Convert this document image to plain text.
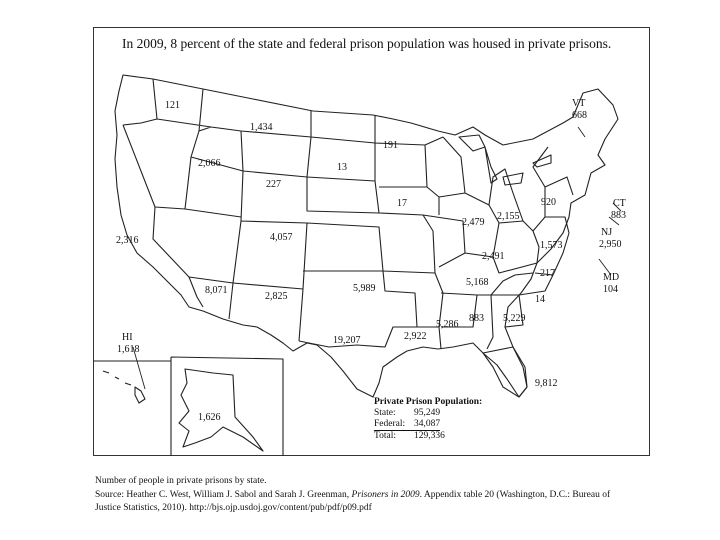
In 2009, 8 percent of the state and federal prison population was housed in private prisons.
121
1,434
191
2,066	13
227
17
2,316	4,057
920
2,479
2,155
1,573
2,491
217
5,168
8,071
2,825
5,989
14
5,286
883 5,229
19,207	2,922
9,812
1,626
HI
1,618
VT
668
CT
883
NJ
2,950
MD
104
Private Prison Population:
State:	95,249
Federal: 34,087
Total:	129,336
Number of people in private prisons by state.
Source: Heather C. West, William J. Sabol and Sarah J. Greenman, Prisoners in 2009. Appendix table 20 (Washington, D.C.: Bureau of
Justice Statistics, 2010). http://bjs.ojp.usdoj.gov/content/pub/pdf/p09.pdf
